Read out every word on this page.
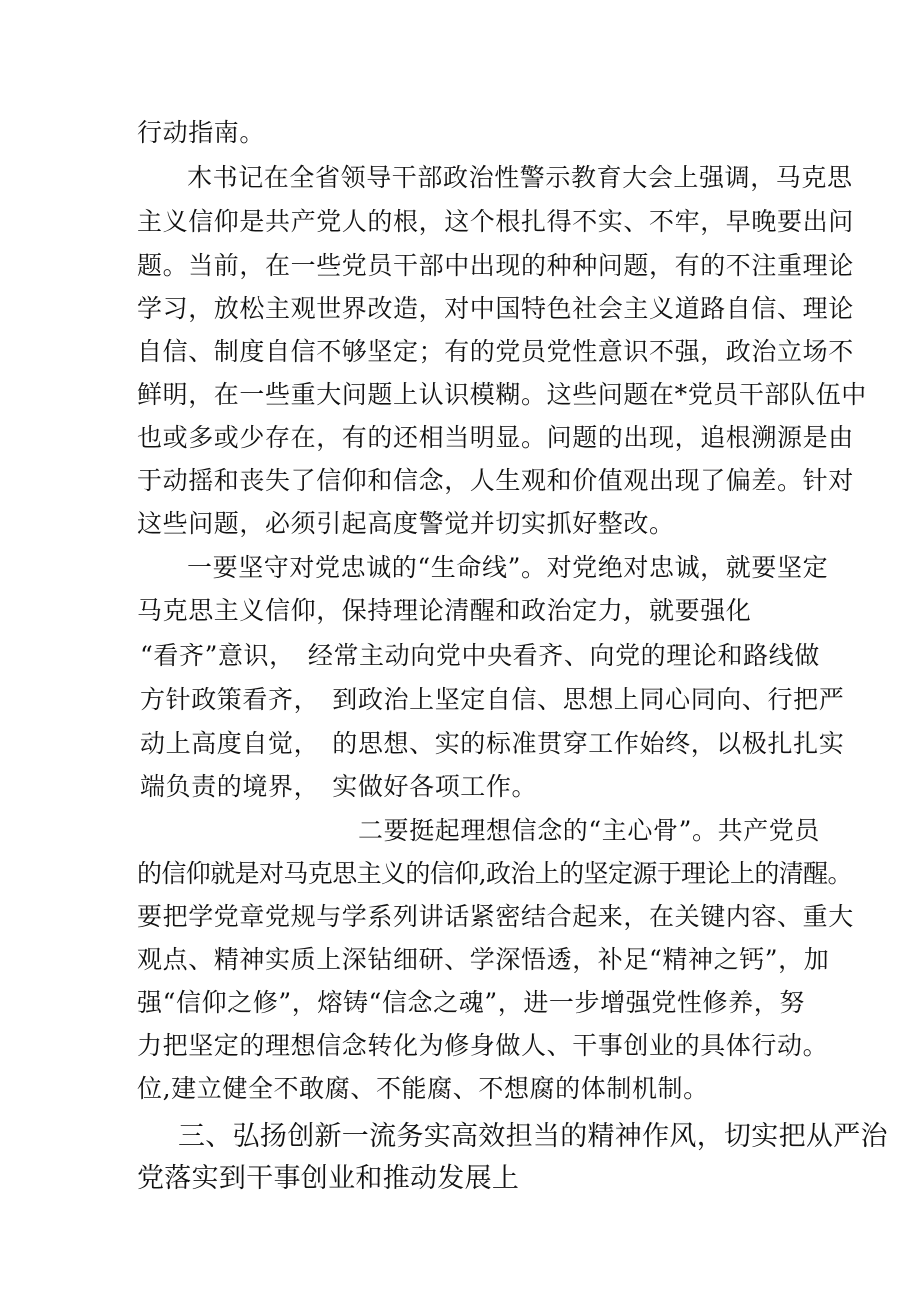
行动指南。
木书记在全省领导干部政治性警示教育大会上强调，马克思
主义信仰是共产党人的根，这个根扎得不实、不牢，早晚要出问
题。当前，在一些党员干部中出现的种种问题，有的不注重理论
学习，放松主观世界改造，对中国特色社会主义道路自信、理论
自信、制度自信不够坚定；有的党员党性意识不强，政治立场不
鲜明，在一些重大问题上认识模糊。这些问题在*党员干部队伍中
也或多或少存在，有的还相当明显。问题的出现，追根溯源是由
于动摇和丧失了信仰和信念，人生观和价值观出现了偏差。针对
这些问题，必须引起高度警觉并切实抓好整改。
一要坚守对党忠诚的“生命线”。对党绝对忠诚，就要坚定
马克思主义信仰，保持理论清醒和政治定力，就要强化
“看齐”意识，　经常主动向党中央看齐、向党的理论和路线做
方针政策看齐，　到政治上坚定自信、思想上同心同向、行把严
动上高度自觉，　的思想、实的标准贯穿工作始终，以极扎扎实
端负责的境界，　实做好各项工作。
二要挺起理想信念的“主心骨”。共产党员
的信仰就是对马克思主义的信仰,政治上的坚定源于理论上的清醒。
要把学党章党规与学系列讲话紧密结合起来，在关键内容、重大
观点、精神实质上深钻细研、学深悟透，补足“精神之钙”，加
强“信仰之修”，熔铸“信念之魂”，进一步增强党性修养，努
力把坚定的理想信念转化为修身做人、干事创业的具体行动。
位,建立健全不敢腐、不能腐、不想腐的体制机制。
三、弘扬创新一流务实高效担当的精神作风，切实把从严治
党落实到干事创业和推动发展上
